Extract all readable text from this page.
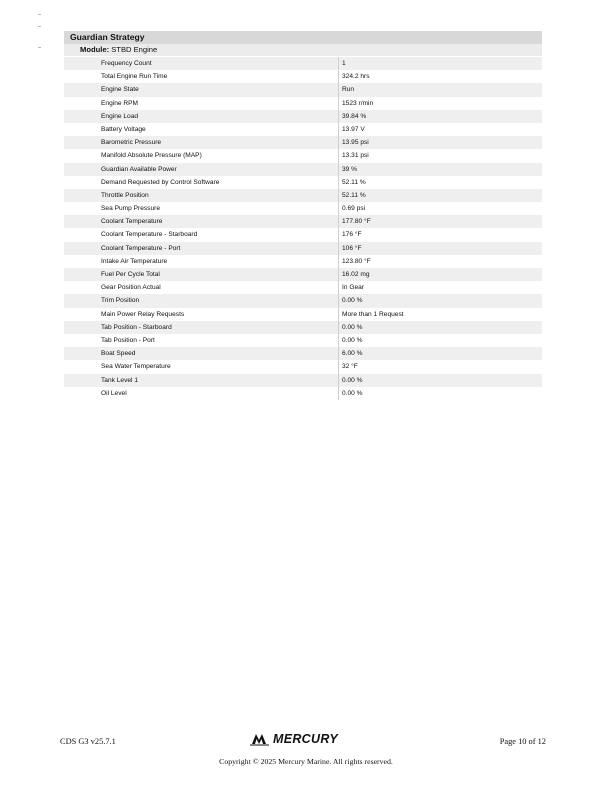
Guardian Strategy
Module: STBD Engine
Frequency Count	1
Total Engine Run Time	324.2 hrs
Engine State	Run
Engine RPM	1523 r/min
Engine Load	39.84 %
Battery Voltage	13.97 V
Barometric Pressure	13.95 psi
Manifold Absolute Pressure (MAP)	13.31 psi
Guardian Available Power	39 %
Demand Requested by Control Software	52.11 %
Throttle Position	52.11 %
Sea Pump Pressure	0.69 psi
Coolant Temperature	177.80 °F
Coolant Temperature - Starboard	176 °F
Coolant Temperature - Port	106 °F
Intake Air Temperature	123.80 °F
Fuel Per Cycle Total	16.02 mg
Gear Position Actual	In Gear
Trim Position	0.00 %
Main Power Relay Requests	More than 1 Request
Tab Position - Starboard	0.00 %
Tab Position - Port	0.00 %
Boat Speed	6.00 %
Sea Water Temperature	32 °F
Tank Level 1	0.00 %
Oil Level	0.00 %
CDS G3 v25.7.1	MERCURY	Page 10 of 12
Copyright © 2025 Mercury Marine. All rights reserved.
